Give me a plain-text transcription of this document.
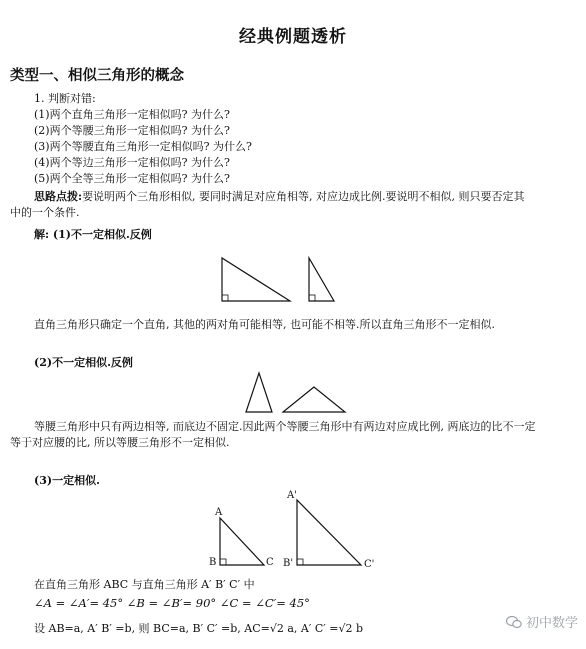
经典例题透析
类型一、相似三角形的概念
1. 判断对错:
(1)两个直角三角形一定相似吗? 为什么?
(2)两个等腰三角形一定相似吗? 为什么?
(3)两个等腰直角三角形一定相似吗? 为什么?
(4)两个等边三角形一定相似吗? 为什么?
(5)两个全等三角形一定相似吗? 为什么?
思路点拨:要说明两个三角形相似, 要同时满足对应角相等, 对应边成比例.要说明不相似, 则只要否定其
中的一个条件.
解: (1)不一定相似.反例
直角三角形只确定一个直角, 其他的两对角可能相等, 也可能不相等.所以直角三角形不一定相似.
(2)不一定相似.反例
等腰三角形中只有两边相等, 而底边不固定.因此两个等腰三角形中有两边对应成比例, 两底边的比不一定
等于对应腰的比, 所以等腰三角形不一定相似.
(3)一定相似.
A
B	C
A'
B'	C'
在直角三角形 ABC 与直角三角形 A′ B′ C′ 中
∠A = ∠A′= 45° ∠B = ∠B′= 90° ∠C = ∠C′= 45°
设 AB=a, A′ B′ =b, 则 BC=a, B′ C′ =b, AC=√2 a, A′ C′ =√2 b	初中数学
